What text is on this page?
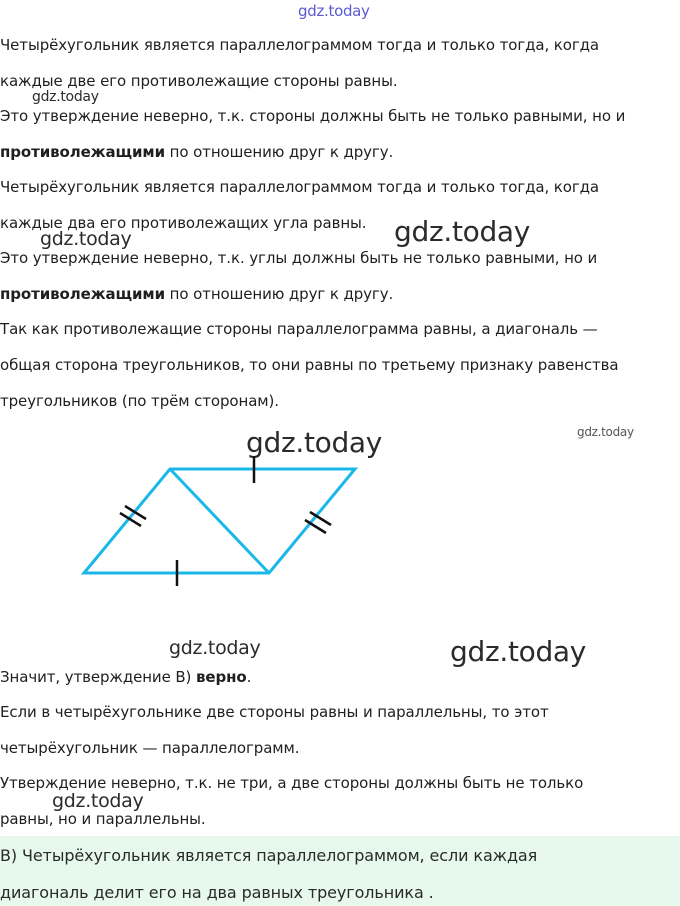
gdz.today

Четырёхугольник является параллелограммом тогда и только тогда, когда

каждые две его противолежащие стороны равны.

gdz.today

Это утверждение неверно, т.к. стороны должны быть не только равными, но и

противолежащими по отношению друг к другу.

Четырёхугольник является параллелограммом тогда и только тогда, когда

каждые два его противолежащих угла равны. gdz.today
gdz.today

Это утверждение неверно, т.к. углы должны быть не только равными, но и

противолежащими по отношению друг к другу.

Так как противолежащие стороны параллелограмма равны, а диагональ —

общая сторона треугольников, то они равны по третьему признаку равенства

треугольников (по трём сторонам).

gdz.today	gdz.today
gdz.today	gdz.today

Значит, утверждение В) верно.

Если в четырёхугольнике две стороны равны и параллельны, то этот

четырёхугольник — параллелограмм.

Утверждение неверно, т.к. не три, а две стороны должны быть не только

gdz.today

равны, но и параллельны.

В) Четырёхугольник является параллелограммом, если каждая

диагональ делит его на два равных треугольника .
